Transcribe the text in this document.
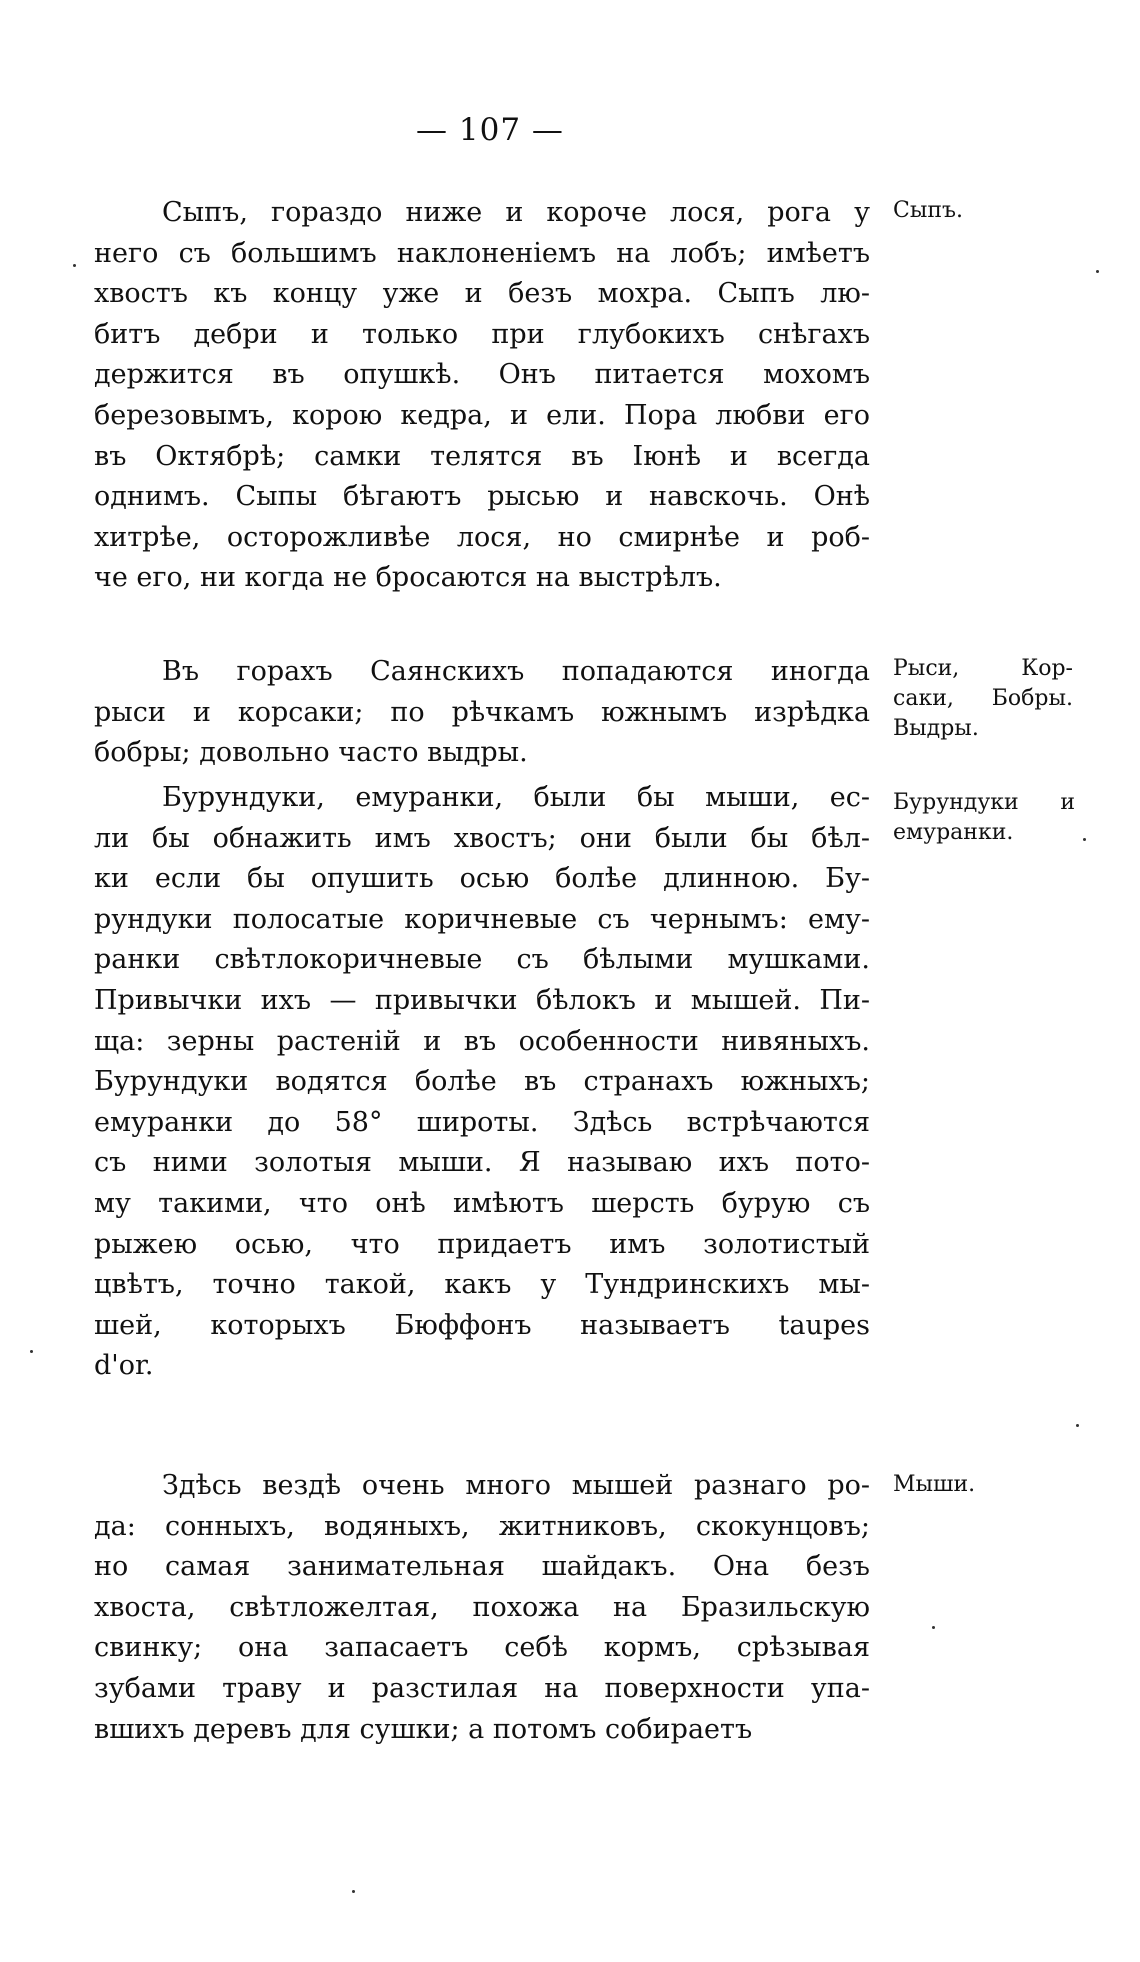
— 107 —
Сыпъ, гораздо ниже и короче лося, рога у
него съ большимъ наклоненіемъ на лобъ; имѣетъ
хвостъ къ концу уже и безъ мохра. Сыпъ лю-
битъ дебри и только при глубокихъ снѣгахъ
держится въ опушкѣ. Онъ питается мохомъ
березовымъ, корою кедра, и ели. Пора любви его
въ Октябрѣ; самки телятся въ Іюнѣ и всегда
однимъ. Сыпы бѣгаютъ рысью и навскочь. Онѣ
хитрѣе, осторожливѣе лося, но смирнѣе и роб-
че его, ни когда не бросаются на выстрѣлъ.
Въ горахъ Саянскихъ попадаются иногда
рыси и корсаки; по рѣчкамъ южнымъ изрѣдка
бобры; довольно часто выдры.
Бурундуки, емуранки, были бы мыши, ес-
ли бы обнажить имъ хвостъ; они были бы бѣл-
ки если бы опушить осью болѣе длинною. Бу-
рундуки полосатые коричневые съ чернымъ: ему-
ранки свѣтлокоричневые съ бѣлыми мушками.
Привычки ихъ — привычки бѣлокъ и мышей. Пи-
ща: зерны растеній и въ особенности нивяныхъ.
Бурундуки водятся болѣе въ странахъ южныхъ;
емуранки до 58° широты. Здѣсь встрѣчаются
съ ними золотыя мыши. Я называю ихъ пото-
му такими, что онѣ имѣютъ шерсть бурую съ
рыжею осью, что придаетъ имъ золотистый
цвѣтъ, точно такой, какъ у Тундринскихъ мы-
шей, которыхъ Бюффонъ называетъ taupes
d'or.
Здѣсь вездѣ очень много мышей разнаго ро-
да: сонныхъ, водяныхъ, житниковъ, скокунцовъ;
но самая занимательная шайдакъ. Она безъ
хвоста, свѣтложелтая, похожа на Бразильскую
свинку; она запасаетъ себѣ кормъ, срѣзывая
зубами траву и разстилая на поверхности упа-
вшихъ деревъ для сушки; а потомъ собираетъ
Сыпъ.
Рыси, Кор-
саки, Бобры.
Выдры.
Бурундуки и
емуранки.
Мыши.
